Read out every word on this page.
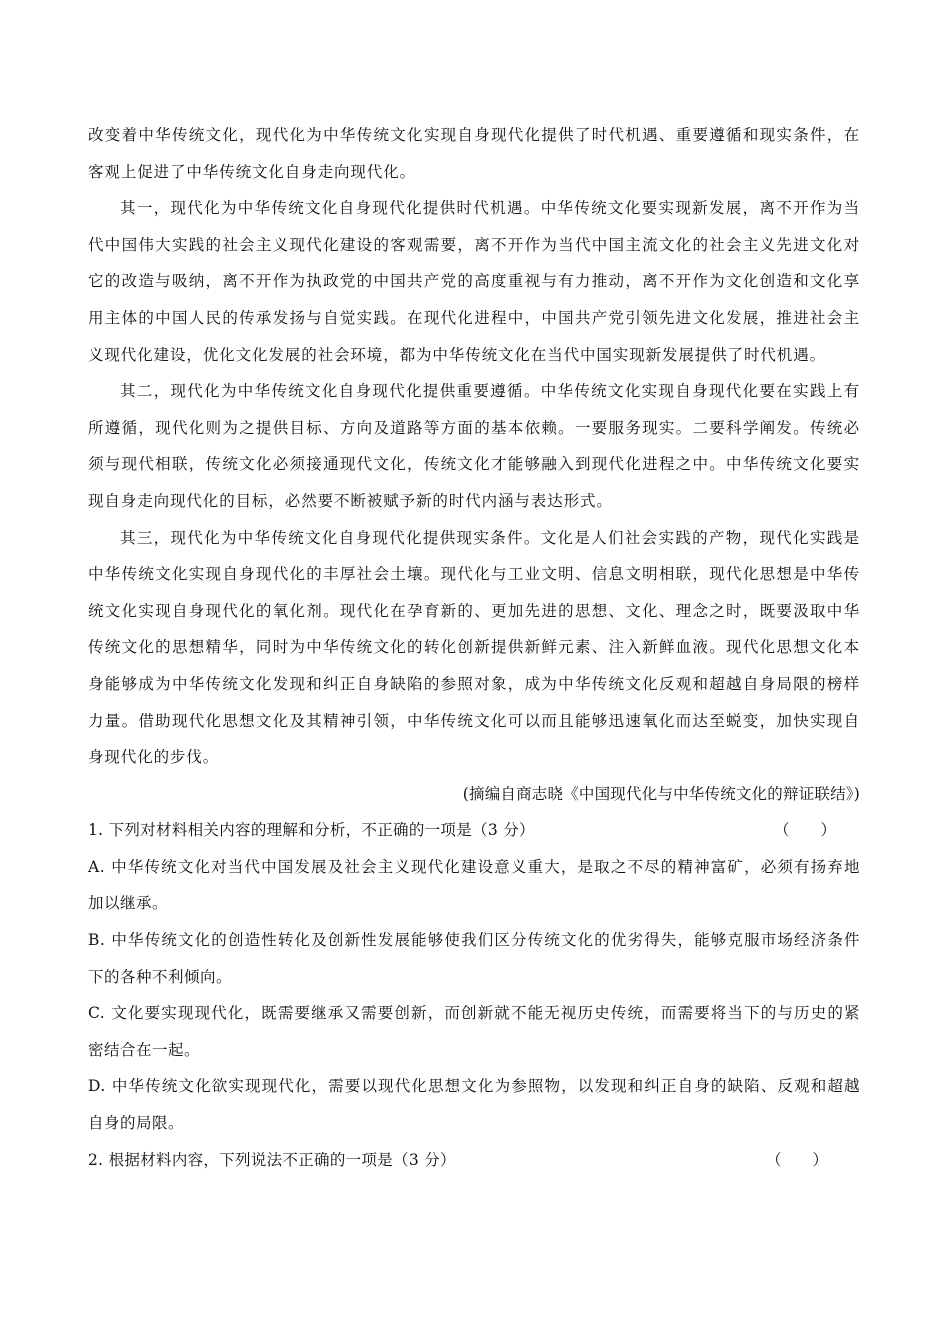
改变着中华传统文化，现代化为中华传统文化实现自身现代化提供了时代机遇、重要遵循和现实条件，在
客观上促进了中华传统文化自身走向现代化。
其一，现代化为中华传统文化自身现代化提供时代机遇。中华传统文化要实现新发展，离不开作为当
代中国伟大实践的社会主义现代化建设的客观需要，离不开作为当代中国主流文化的社会主义先进文化对
它的改造与吸纳，离不开作为执政党的中国共产党的高度重视与有力推动，离不开作为文化创造和文化享
用主体的中国人民的传承发扬与自觉实践。在现代化进程中，中国共产党引领先进文化发展，推进社会主
义现代化建设，优化文化发展的社会环境，都为中华传统文化在当代中国实现新发展提供了时代机遇。
其二，现代化为中华传统文化自身现代化提供重要遵循。中华传统文化实现自身现代化要在实践上有
所遵循，现代化则为之提供目标、方向及道路等方面的基本依赖。一要服务现实。二要科学阐发。传统必
须与现代相联，传统文化必须接通现代文化，传统文化才能够融入到现代化进程之中。中华传统文化要实
现自身走向现代化的目标，必然要不断被赋予新的时代内涵与表达形式。
其三，现代化为中华传统文化自身现代化提供现实条件。文化是人们社会实践的产物，现代化实践是
中华传统文化实现自身现代化的丰厚社会土壤。现代化与工业文明、信息文明相联，现代化思想是中华传
统文化实现自身现代化的氧化剂。现代化在孕育新的、更加先进的思想、文化、理念之时，既要汲取中华
传统文化的思想精华，同时为中华传统文化的转化创新提供新鲜元素、注入新鲜血液。现代化思想文化本
身能够成为中华传统文化发现和纠正自身缺陷的参照对象，成为中华传统文化反观和超越自身局限的榜样
力量。借助现代化思想文化及其精神引领，中华传统文化可以而且能够迅速氧化而达至蜕变，加快实现自
身现代化的步伐。
(摘编自商志晓《中国现代化与中华传统文化的辩证联结》)
1. 下列对材料相关内容的理解和分析，不正确的一项是（3 分）	（　　）
A. 中华传统文化对当代中国发展及社会主义现代化建设意义重大，是取之不尽的精神富矿，必须有扬弃地
加以继承。
B. 中华传统文化的创造性转化及创新性发展能够使我们区分传统文化的优劣得失，能够克服市场经济条件
下的各种不利倾向。
C. 文化要实现现代化，既需要继承又需要创新，而创新就不能无视历史传统，而需要将当下的与历史的紧
密结合在一起。
D. 中华传统文化欲实现现代化，需要以现代化思想文化为参照物，以发现和纠正自身的缺陷、反观和超越
自身的局限。
2. 根据材料内容，下列说法不正确的一项是（3 分）	（　　）
